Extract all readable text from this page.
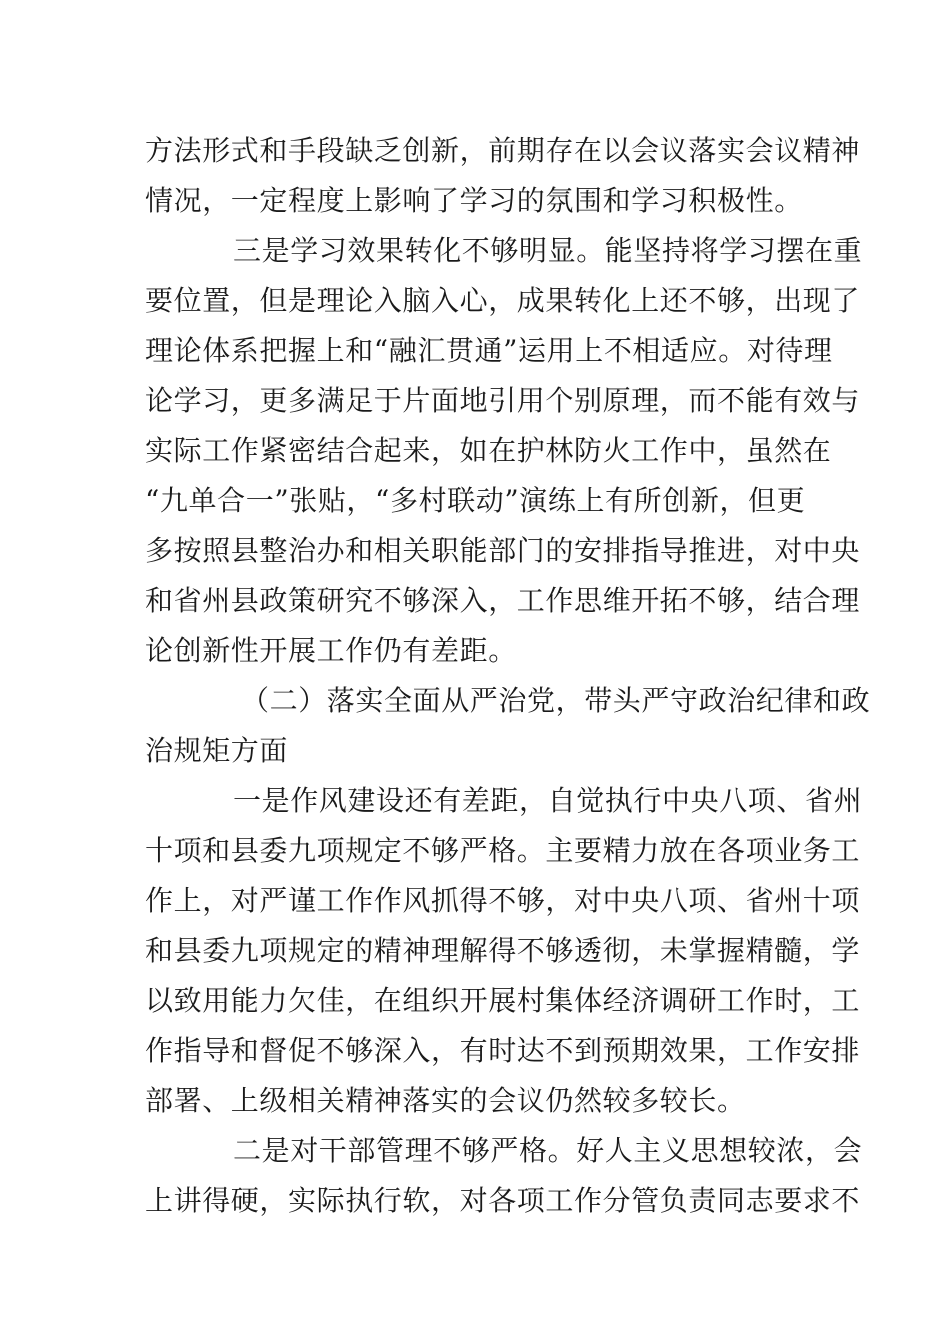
方法形式和手段缺乏创新，前期存在以会议落实会议精神
情况，一定程度上影响了学习的氛围和学习积极性。
三是学习效果转化不够明显。能坚持将学习摆在重
要位置，但是理论入脑入心，成果转化上还不够，出现了
理论体系把握上和“融汇贯通”运用上不相适应。对待理
论学习，更多满足于片面地引用个别原理，而不能有效与
实际工作紧密结合起来，如在护林防火工作中，虽然在
“九单合一”张贴，“多村联动”演练上有所创新，但更
多按照县整治办和相关职能部门的安排指导推进，对中央
和省州县政策研究不够深入，工作思维开拓不够，结合理
论创新性开展工作仍有差距。
（二）落实全面从严治党，带头严守政治纪律和政
治规矩方面
一是作风建设还有差距，自觉执行中央八项、省州
十项和县委九项规定不够严格。主要精力放在各项业务工
作上，对严谨工作作风抓得不够，对中央八项、省州十项
和县委九项规定的精神理解得不够透彻，未掌握精髓，学
以致用能力欠佳，在组织开展村集体经济调研工作时，工
作指导和督促不够深入，有时达不到预期效果，工作安排
部署、上级相关精神落实的会议仍然较多较长。
二是对干部管理不够严格。好人主义思想较浓，会
上讲得硬，实际执行软，对各项工作分管负责同志要求不
